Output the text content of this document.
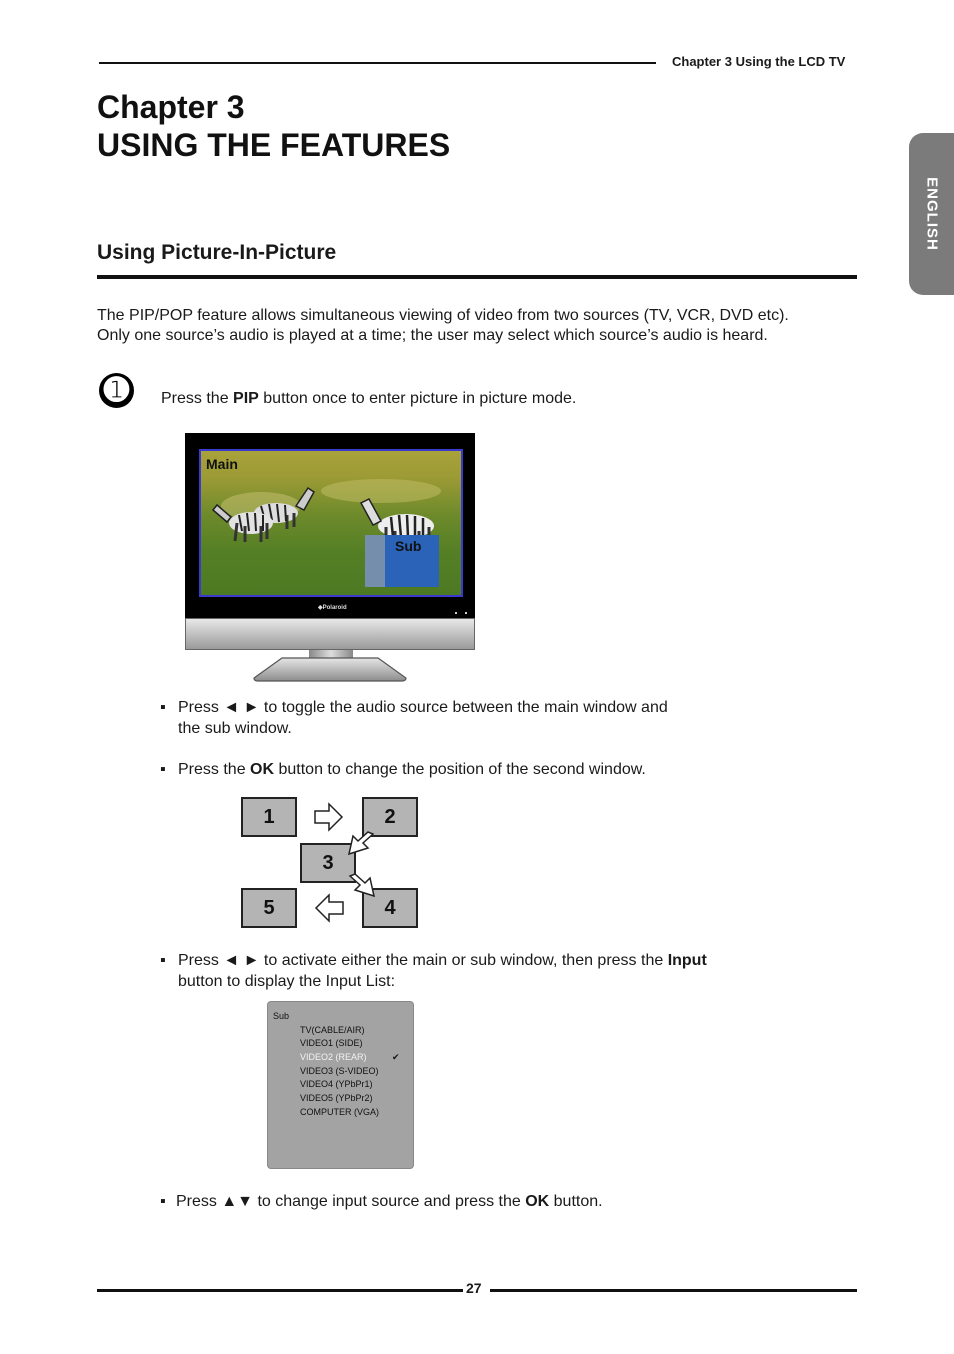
Chapter 3 Using the LCD TV
Chapter 3
USING THE FEATURES
ENGLISH
Using Picture-In-Picture
The PIP/POP feature allows simultaneous viewing of video from two sources (TV, VCR, DVD etc).
Only one source’s audio is played at a time; the user may select which source’s audio is heard.
➊	Press the PIP button once to enter picture in picture mode.
Main
Sub
◆Polaroid
▪ Press ◄ ► to toggle the audio source between the main window and
the sub window.
▪ Press the OK button to change the position of the second window.
1	2
3
4
5
▪ Press ◄ ► to activate either the main or sub window, then press the Input
button to display the Input List:
Sub
TV(CABLE/AIR)
VIDEO1 (SIDE)
VIDEO2 (REAR)	✔
VIDEO3 (S-VIDEO)
VIDEO4 (YPbPr1)
VIDEO5 (YPbPr2)
COMPUTER (VGA)
▪ Press ▲▼ to change input source and press the OK button.
27
